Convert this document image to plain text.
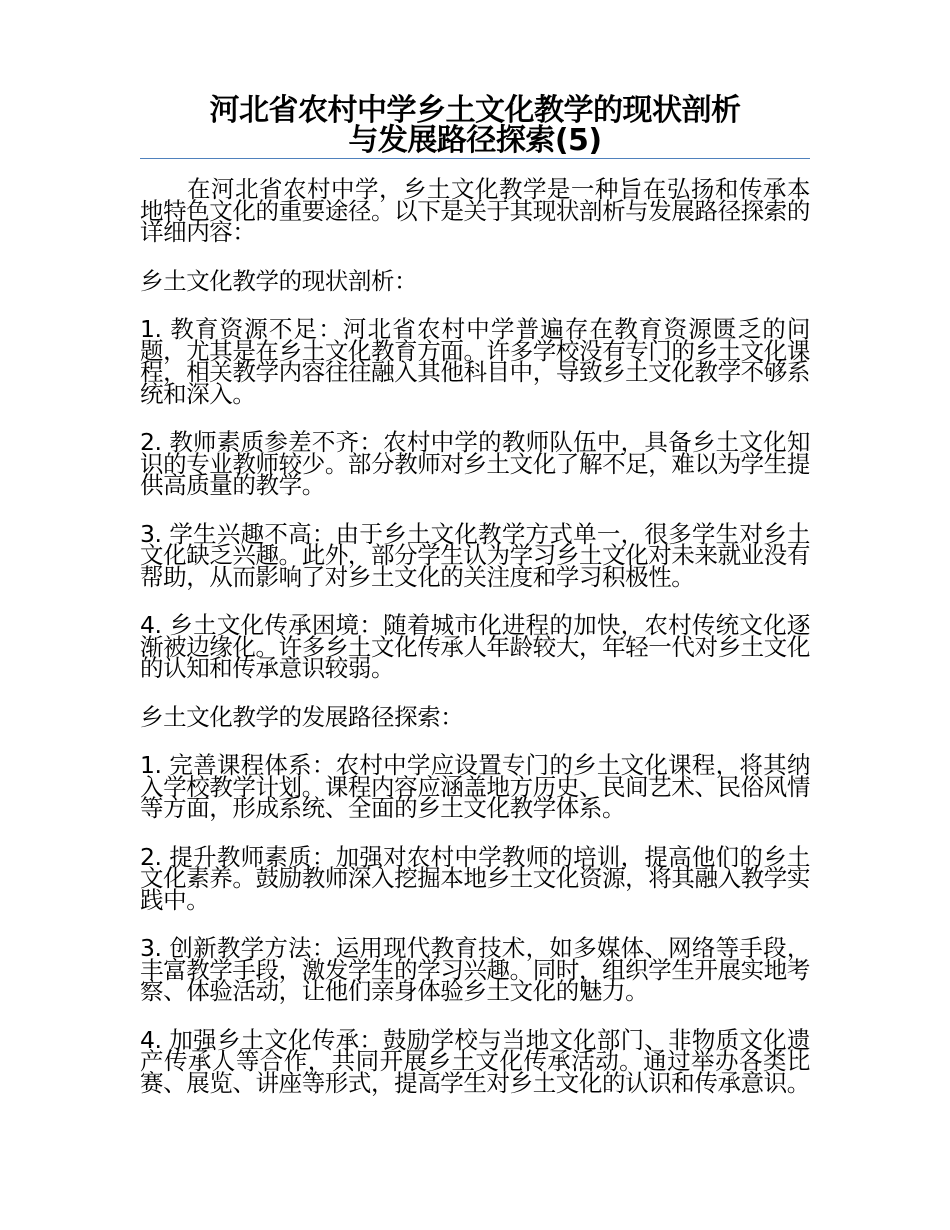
河北省农村中学乡土文化教学的现状剖析
与发展路径探索(5)

在河北省农村中学，乡土文化教学是一种旨在弘扬和传承本地特色文化的重要途径。以下是关于其现状剖析与发展路径探索的详细内容：

乡土文化教学的现状剖析：

1. 教育资源不足：河北省农村中学普遍存在教育资源匮乏的问题，尤其是在乡土文化教育方面。许多学校没有专门的乡土文化课程，相关教学内容往往融入其他科目中，导致乡土文化教学不够系统和深入。

2. 教师素质参差不齐：农村中学的教师队伍中，具备乡土文化知识的专业教师较少。部分教师对乡土文化了解不足，难以为学生提供高质量的教学。

3. 学生兴趣不高：由于乡土文化教学方式单一，很多学生对乡土文化缺乏兴趣。此外，部分学生认为学习乡土文化对未来就业没有帮助，从而影响了对乡土文化的关注度和学习积极性。

4. 乡土文化传承困境：随着城市化进程的加快，农村传统文化逐渐被边缘化。许多乡土文化传承人年龄较大，年轻一代对乡土文化的认知和传承意识较弱。

乡土文化教学的发展路径探索：

1. 完善课程体系：农村中学应设置专门的乡土文化课程，将其纳入学校教学计划。课程内容应涵盖地方历史、民间艺术、民俗风情等方面，形成系统、全面的乡土文化教学体系。

2. 提升教师素质：加强对农村中学教师的培训，提高他们的乡土文化素养。鼓励教师深入挖掘本地乡土文化资源，将其融入教学实践中。

3. 创新教学方法：运用现代教育技术，如多媒体、网络等手段，丰富教学手段，激发学生的学习兴趣。同时，组织学生开展实地考察、体验活动，让他们亲身体验乡土文化的魅力。

4. 加强乡土文化传承：鼓励学校与当地文化部门、非物质文化遗产传承人等合作，共同开展乡土文化传承活动。通过举办各类比赛、展览、讲座等形式，提高学生对乡土文化的认识和传承意识。
